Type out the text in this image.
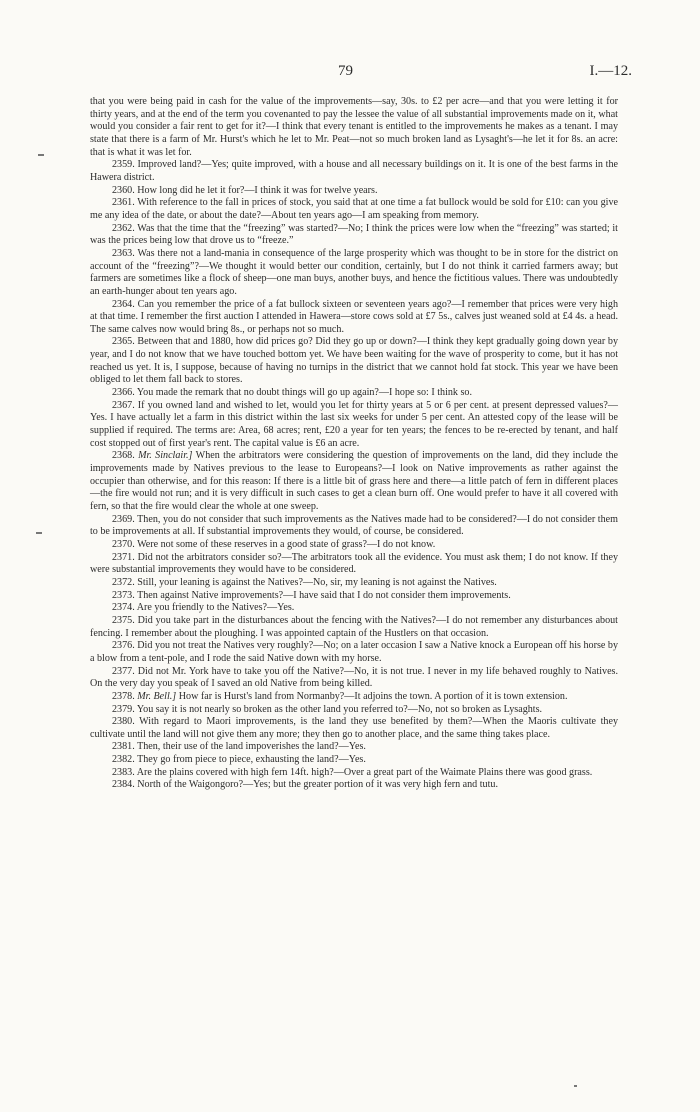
79	I.—12.

that you were being paid in cash for the value of the improvements—say, 30s. to £2 per acre—and that you were letting it for thirty years, and at the end of the term you covenanted to pay the lessee the value of all substantial improvements made on it, what would you consider a fair rent to get for it?—I think that every tenant is entitled to the improvements he makes as a tenant. I may state that there is a farm of Mr. Hurst's which he let to Mr. Peat—not so much broken land as Lysaght's—he let it for 8s. an acre: that is what it was let for.

2359. Improved land?—Yes; quite improved, with a house and all necessary buildings on it. It is one of the best farms in the Hawera district.

2360. How long did he let it for?—I think it was for twelve years.

2361. With reference to the fall in prices of stock, you said that at one time a fat bullock would be sold for £10: can you give me any idea of the date, or about the date?—About ten years ago—I am speaking from memory.

2362. Was that the time that the “freezing” was started?—No; I think the prices were low when the “freezing” was started; it was the prices being low that drove us to “freeze.”

2363. Was there not a land-mania in consequence of the large prosperity which was thought to be in store for the district on account of the “freezing”?—We thought it would better our condition, certainly, but I do not think it carried farmers away; but farmers are sometimes like a flock of sheep—one man buys, another buys, and hence the fictitious values. There was undoubtedly an earth-hunger about ten years ago.

2364. Can you remember the price of a fat bullock sixteen or seventeen years ago?—I remember that prices were very high at that time. I remember the first auction I attended in Hawera—store cows sold at £7 5s., calves just weaned sold at £4 4s. a head. The same calves now would bring 8s., or perhaps not so much.

2365. Between that and 1880, how did prices go? Did they go up or down?—I think they kept gradually going down year by year, and I do not know that we have touched bottom yet. We have been waiting for the wave of prosperity to come, but it has not reached us yet. It is, I suppose, because of having no turnips in the district that we cannot hold fat stock. This year we have been obliged to let them fall back to stores.

2366. You made the remark that no doubt things will go up again?—I hope so: I think so.

2367. If you owned land and wished to let, would you let for thirty years at 5 or 6 per cent. at present depressed values?—Yes. I have actually let a farm in this district within the last six weeks for under 5 per cent. An attested copy of the lease will be supplied if required. The terms are: Area, 68 acres; rent, £20 a year for ten years; the fences to be re-erected by tenant, and half cost stopped out of first year's rent. The capital value is £6 an acre.

2368. Mr. Sinclair.] When the arbitrators were considering the question of improvements on the land, did they include the improvements made by Natives previous to the lease to Europeans?—I look on Native improvements as rather against the occupier than otherwise, and for this reason: If there is a little bit of grass here and there—a little patch of fern in different places—the fire would not run; and it is very difficult in such cases to get a clean burn off. One would prefer to have it all covered with fern, so that the fire would clear the whole at one sweep.

2369. Then, you do not consider that such improvements as the Natives made had to be considered?—I do not consider them to be improvements at all. If substantial improvements they would, of course, be considered.

2370. Were not some of these reserves in a good state of grass?—I do not know.

2371. Did not the arbitrators consider so?—The arbitrators took all the evidence. You must ask them; I do not know. If they were substantial improvements they would have to be considered.

2372. Still, your leaning is against the Natives?—No, sir, my leaning is not against the Natives.

2373. Then against Native improvements?—I have said that I do not consider them improvements.

2374. Are you friendly to the Natives?—Yes.

2375. Did you take part in the disturbances about the fencing with the Natives?—I do not remember any disturbances about fencing. I remember about the ploughing. I was appointed captain of the Hustlers on that occasion.

2376. Did you not treat the Natives very roughly?—No; on a later occasion I saw a Native knock a European off his horse by a blow from a tent-pole, and I rode the said Native down with my horse.

2377. Did not Mr. York have to take you off the Native?—No, it is not true. I never in my life behaved roughly to Natives. On the very day you speak of I saved an old Native from being killed.

2378. Mr. Bell.] How far is Hurst's land from Normanby?—It adjoins the town. A portion of it is town extension.

2379. You say it is not nearly so broken as the other land you referred to?—No, not so broken as Lysaghts.

2380. With regard to Maori improvements, is the land they use benefited by them?—When the Maoris cultivate they cultivate until the land will not give them any more; they then go to another place, and the same thing takes place.

2381. Then, their use of the land impoverishes the land?—Yes.

2382. They go from piece to piece, exhausting the land?—Yes.

2383. Are the plains covered with high fern 14ft. high?—Over a great part of the Waimate Plains there was good grass.

2384. North of the Waigongoro?—Yes; but the greater portion of it was very high fern and tutu.
